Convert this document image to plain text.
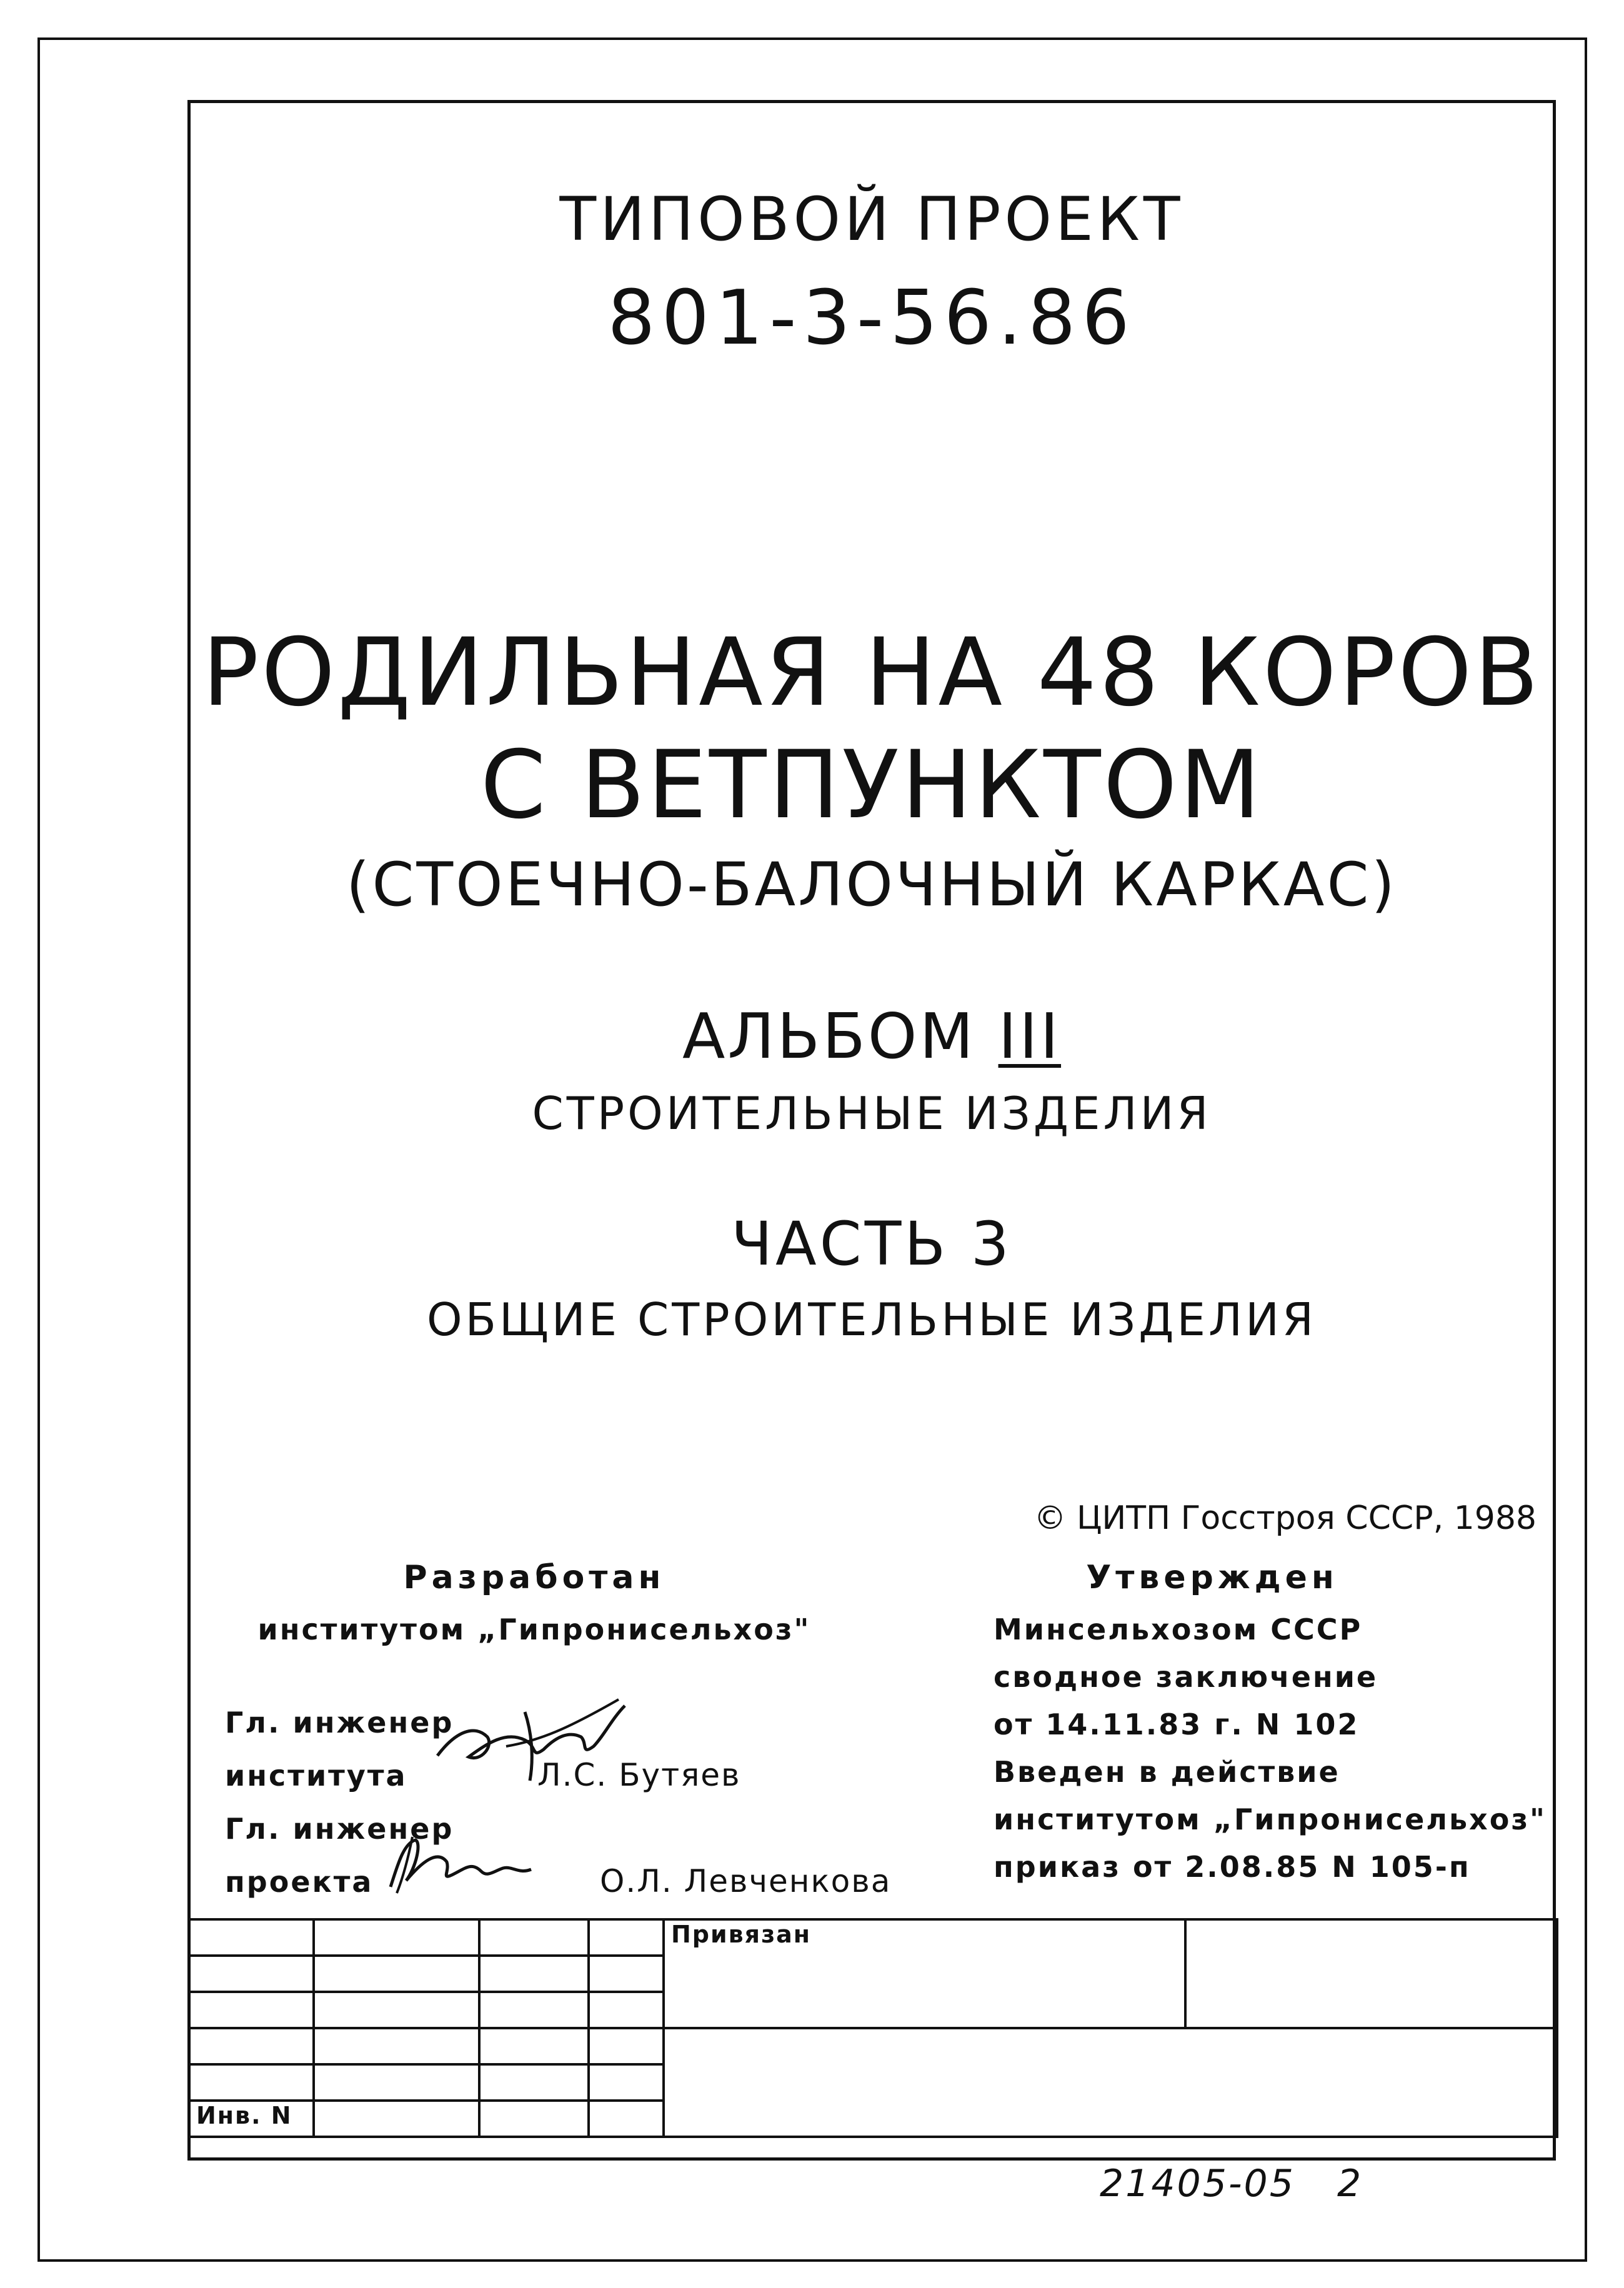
ТИПОВОЙ ПРОЕКТ
801-3-56.86
РОДИЛЬНАЯ НА 48 КОРОВ
С ВЕТПУНКТОМ
(СТОЕЧНО-БАЛОЧНЫЙ КАРКАС)
АЛЬБОМ III
СТРОИТЕЛЬНЫЕ ИЗДЕЛИЯ
ЧАСТЬ 3
ОБЩИЕ СТРОИТЕЛЬНЫЕ ИЗДЕЛИЯ
© ЦИТП Госстроя СССР, 1988
Разработан
институтом „Гипронисельхоз"
Гл. инженер
института	Л.С. Бутяев
Гл. инженер
проекта	О.Л. Левченкова
Утвержден
Минсельхозом СССР
сводное заключение
от 14.11.83 г. N 102
Введен в действие
институтом „Гипронисельхоз"
приказ от 2.08.85 N 105-п
				Привязан	

Инв. N					
21405-05 2
